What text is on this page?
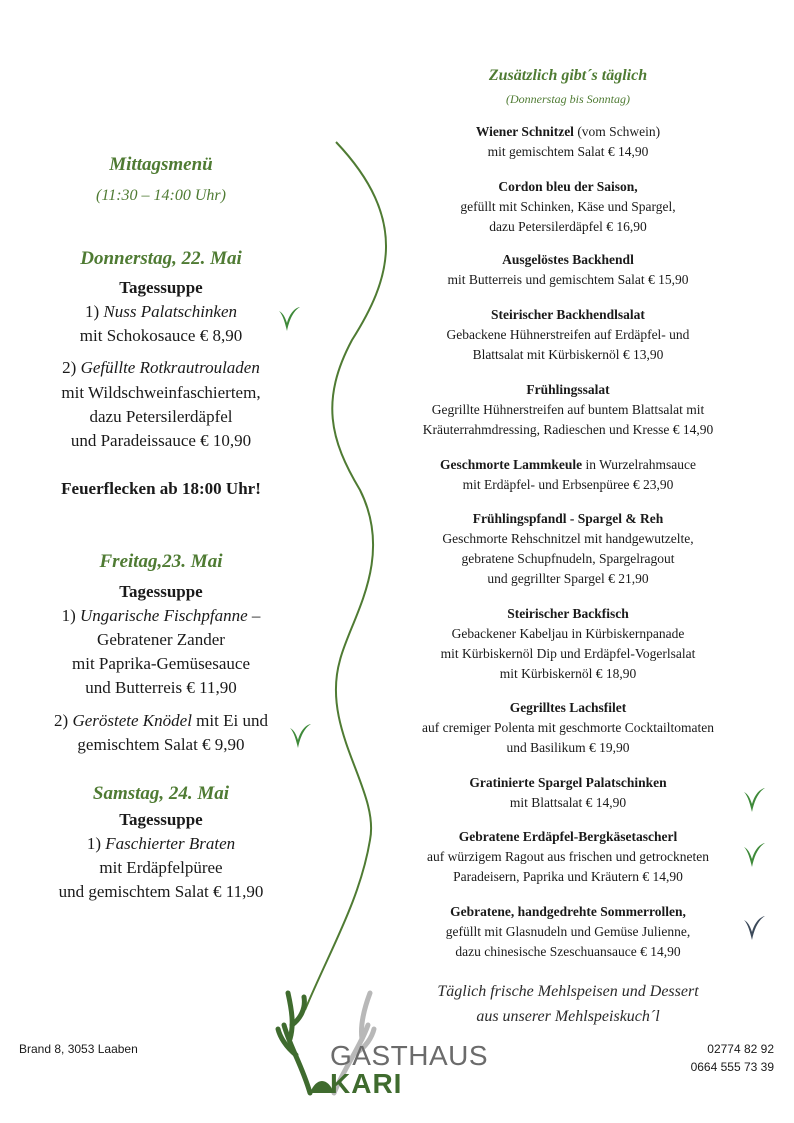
Mittagsmenü
(11:30 – 14:00 Uhr)
Donnerstag, 22. Mai
Tagessuppe
1) Nuss Palatschinken
mit Schokosauce € 8,90
2) Gefüllte Rotkrautrouladen
mit Wildschweinfaschiertem,
dazu Petersilerdäpfel
und Paradeissauce € 10,90
Feuerflecken ab 18:00 Uhr!
Freitag,23. Mai
Tagessuppe
1) Ungarische Fischpfanne –
Gebratener Zander
mit Paprika-Gemüsesauce
und Butterreis € 11,90
2) Geröstete Knödel mit Ei und
gemischtem Salat € 9,90
Samstag, 24. Mai
Tagessuppe
1) Faschierter Braten
mit Erdäpfelpüree
und gemischtem Salat € 11,90
Zusätzlich gibt´s täglich
(Donnerstag bis Sonntag)
Wiener Schnitzel (vom Schwein)
mit gemischtem Salat € 14,90
Cordon bleu der Saison,
gefüllt mit Schinken, Käse und Spargel,
dazu Petersilerdäpfel € 16,90
Ausgelöstes Backhendl
mit Butterreis und gemischtem Salat € 15,90
Steirischer Backhendlsalat
Gebackene Hühnerstreifen auf Erdäpfel- und
Blattsalat mit Kürbiskernöl € 13,90
Frühlingssalat
Gegrillte Hühnerstreifen auf buntem Blattsalat mit
Kräuterrahmdressing, Radieschen und Kresse € 14,90
Geschmorte Lammkeule in Wurzelrahmsauce
mit Erdäpfel- und Erbsenpüree € 23,90
Frühlingspfandl - Spargel & Reh
Geschmorte Rehschnitzel mit handgewutzelte,
gebratene Schupfnudeln, Spargelragout
und gegrillter Spargel € 21,90
Steirischer Backfisch
Gebackener Kabeljau in Kürbiskernpanade
mit Kürbiskernöl Dip und Erdäpfel-Vogerlsalat
mit Kürbiskernöl € 18,90
Gegrilltes Lachsfilet
auf cremiger Polenta mit geschmorte Cocktailtomaten
und Basilikum € 19,90
Gratinierte Spargel Palatschinken
mit Blattsalat € 14,90
Gebratene Erdäpfel-Bergkäsetascherl
auf würzigem Ragout aus frischen und getrockneten
Paradeisern, Paprika und Kräutern € 14,90
Gebratene, handgedrehte Sommerrollen,
gefüllt mit Glasnudeln und Gemüse Julienne,
dazu chinesische Szeschuansauce € 14,90
Täglich frische Mehlspeisen und Dessert
aus unserer Mehlspeiskuch´l
GASTHAUS
KARI
Brand 8, 3053 Laaben	02774 82 92
0664 555 73 39
